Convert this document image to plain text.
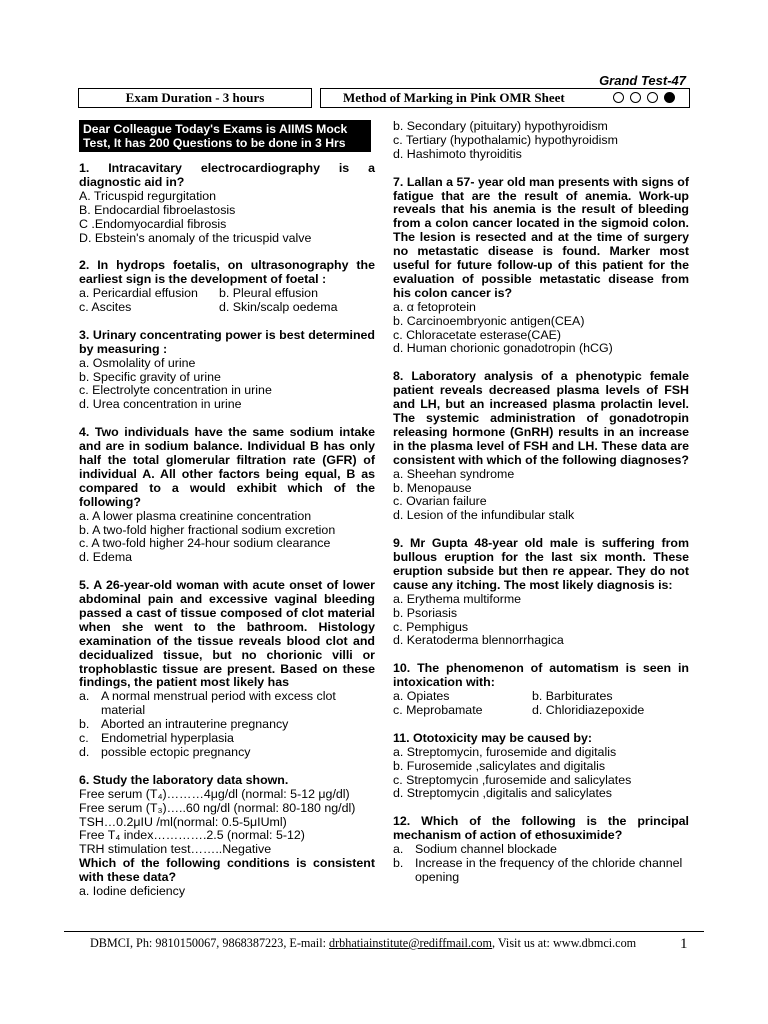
Grand Test-47
Exam Duration - 3 hours	Method of Marking in Pink OMR Sheet
Dear Colleague Today's Exams is AIIMS Mock Test, It has 200 Questions to be done in 3 Hrs
1. Intracavitary electrocardiography is a diagnostic aid in?
A. Tricuspid regurgitation
B. Endocardial fibroelastosis
C .Endomyocardial fibrosis
D. Ebstein's anomaly of the tricuspid valve
2. In hydrops foetalis, on ultrasonography the earliest sign is the development of foetal :
a. Pericardial effusion	b. Pleural effusion
c. Ascites	d. Skin/scalp oedema
3. Urinary concentrating power is best determined by measuring :
a. Osmolality of urine
b. Specific gravity of urine
c. Electrolyte concentration in urine
d. Urea concentration in urine
4. Two individuals have the same sodium intake and are in sodium balance. Individual B has only half the total glomerular filtration rate (GFR) of individual A. All other factors being equal, B as compared to a would exhibit which of the following?
a. A lower plasma creatinine concentration
b. A two-fold higher fractional sodium excretion
c. A two-fold higher 24-hour sodium clearance
d. Edema
5. A 26-year-old woman with acute onset of lower abdominal pain and excessive vaginal bleeding passed a cast of tissue composed of clot material when she went to the bathroom. Histology examination of the tissue reveals blood clot and decidualized tissue, but no chorionic villi or trophoblastic tissue are present. Based on these findings, the patient most likely has
a. A normal menstrual period with excess clot material
b. Aborted an intrauterine pregnancy
c. Endometrial hyperplasia
d. possible ectopic pregnancy
6. Study the laboratory data shown.
Free serum (T₄)………4μg/dl (normal: 5-12 μg/dl)
Free serum (T₃)…..60 ng/dl (normal: 80-180 ng/dl)
TSH…0.2μIU /ml(normal: 0.5-5μIUml)
Free T₄ index………….2.5 (normal: 5-12)
TRH stimulation test……..Negative
Which of the following conditions is consistent with these data?
a. Iodine deficiency
b. Secondary (pituitary) hypothyroidism
c. Tertiary (hypothalamic) hypothyroidism
d. Hashimoto thyroiditis
7. Lallan a 57- year old man presents with signs of fatigue that are the result of anemia. Work-up reveals that his anemia is the result of bleeding from a colon cancer located in the sigmoid colon. The lesion is resected and at the time of surgery no metastatic disease is found. Marker most useful for future follow-up of this patient for the evaluation of possible metastatic disease from his colon cancer is?
a. α fetoprotein
b. Carcinoembryonic antigen(CEA)
c. Chloracetate esterase(CAE)
d. Human chorionic gonadotropin (hCG)
8. Laboratory analysis of a phenotypic female patient reveals decreased plasma levels of FSH and LH, but an increased plasma prolactin level. The systemic administration of gonadotropin releasing hormone (GnRH) results in an increase in the plasma level of FSH and LH. These data are consistent with which of the following diagnoses?
a. Sheehan syndrome
b. Menopause
c. Ovarian failure
d. Lesion of the infundibular stalk
9. Mr Gupta 48-year old male is suffering from bullous eruption for the last six month. These eruption subside but then re appear. They do not cause any itching. The most likely diagnosis is:
a. Erythema multiforme
b. Psoriasis
c. Pemphigus
d. Keratoderma blennorrhagica
10. The phenomenon of automatism is seen in intoxication with:
a. Opiates	b. Barbiturates
c. Meprobamate	d. Chloridiazepoxide
11. Ototoxicity may be caused by:
a. Streptomycin, furosemide and digitalis
b. Furosemide ,salicylates and digitalis
c. Streptomycin ,furosemide and salicylates
d. Streptomycin ,digitalis and salicylates
12. Which of the following is the principal mechanism of action of ethosuximide?
a. Sodium channel blockade
b. Increase in the frequency of the chloride channel opening
DBMCI, Ph: 9810150067, 9868387223, E-mail: drbhatiainstitute@rediffmail.com, Visit us at: www.dbmci.com	1
